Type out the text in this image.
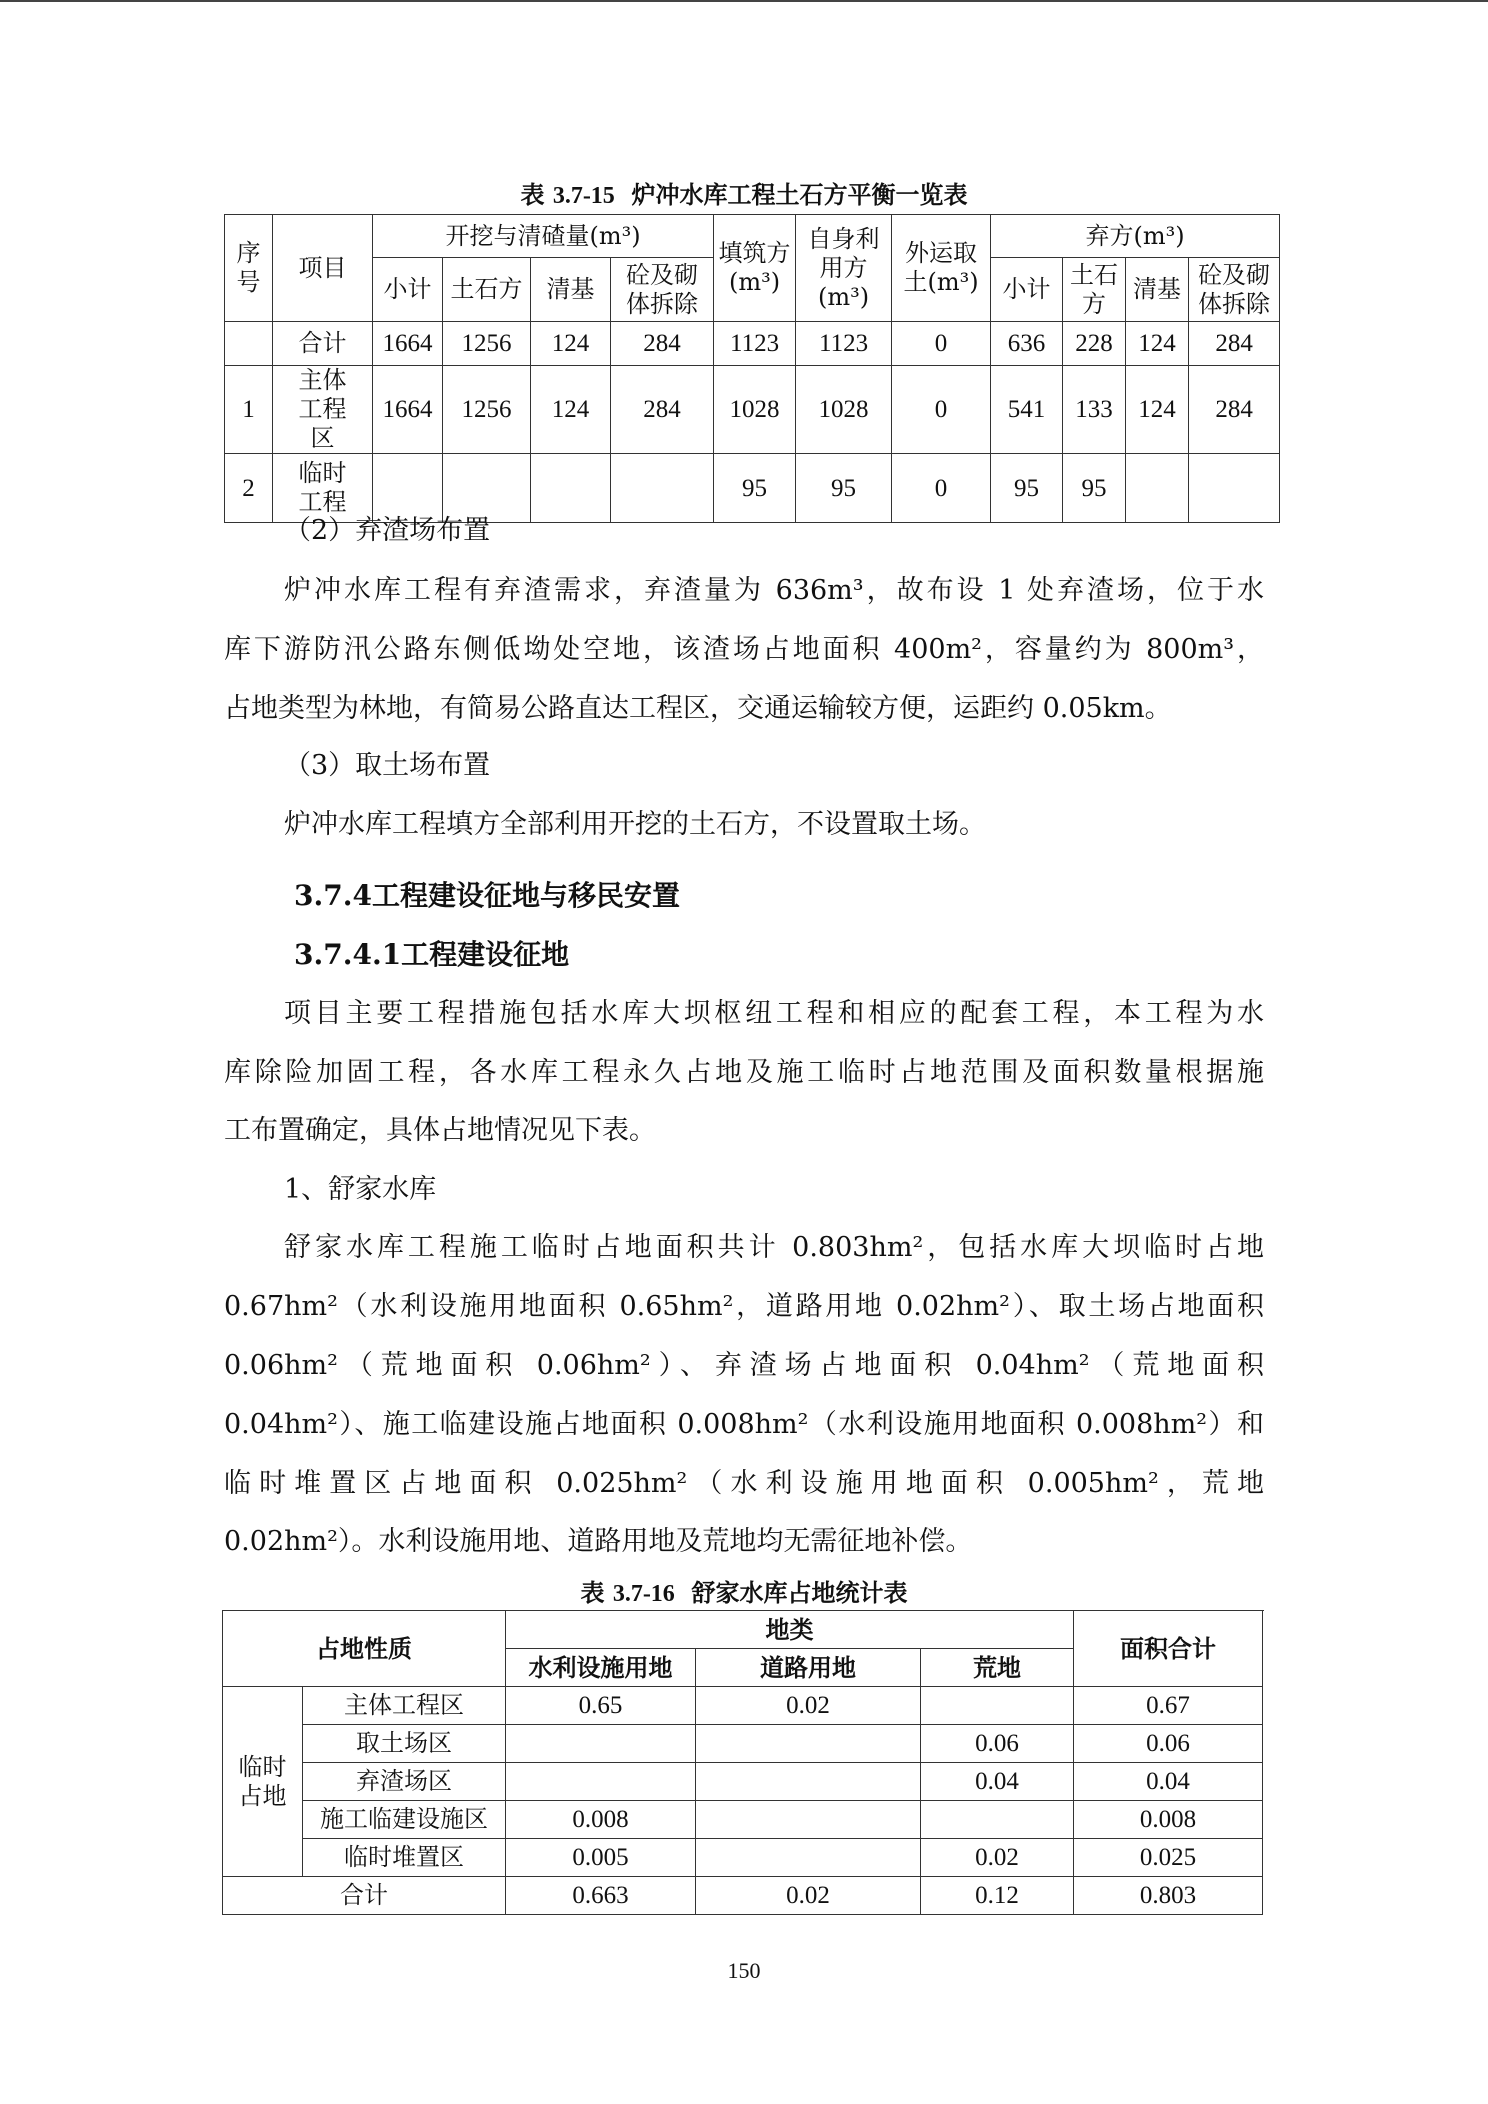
表 3.7-15 炉冲水库工程土石方平衡一览表
序号	项目	开挖与清碴量(m³)				填筑方(m³)	自身利用方(m³)	外运取土(m³)	弃方(m³)			
		小计	土石方	清基	砼及砌体拆除				小计	土石方	清基	砼及砌体拆除
	合计	1664	1256	124	284	1123	1123	0	636	228	124	284
1	主体工程区	1664	1256	124	284	1028	1028	0	541	133	124	284
2	临时工程					95	95	0	95	95		
（2）弃渣场布置
炉冲水库工程有弃渣需求，弃渣量为 636m³，故布设 1 处弃渣场，位于水
库下游防汛公路东侧低坳处空地，该渣场占地面积 400m²，容量约为 800m³，
占地类型为林地，有简易公路直达工程区，交通运输较方便，运距约 0.05km。
（3）取土场布置
炉冲水库工程填方全部利用开挖的土石方，不设置取土场。
3.7.4工程建设征地与移民安置
3.7.4.1工程建设征地
项目主要工程措施包括水库大坝枢纽工程和相应的配套工程，本工程为水
库除险加固工程，各水库工程永久占地及施工临时占地范围及面积数量根据施
工布置确定，具体占地情况见下表。
1、舒家水库
舒家水库工程施工临时占地面积共计 0.803hm²，包括水库大坝临时占地
0.67hm²（水利设施用地面积 0.65hm²，道路用地 0.02hm²）、取土场占地面积
0.06hm²（荒地面积 0.06hm²）、弃渣场占地面积 0.04hm²（荒地面积
0.04hm²）、施工临建设施占地面积 0.008hm²（水利设施用地面积 0.008hm²）和
临时堆置区占地面积 0.025hm²（水利设施用地面积 0.005hm²，荒地
0.02hm²）。水利设施用地、道路用地及荒地均无需征地补偿。
表 3.7-16 舒家水库占地统计表
占地性质		地类			面积合计
		水利设施用地	道路用地	荒地	
临时占地	主体工程区	0.65	0.02		0.67
	取土场区			0.06	0.06
	弃渣场区			0.04	0.04
	施工临建设施区	0.008			0.008
	临时堆置区	0.005		0.02	0.025
合计		0.663	0.02	0.12	0.803
150
